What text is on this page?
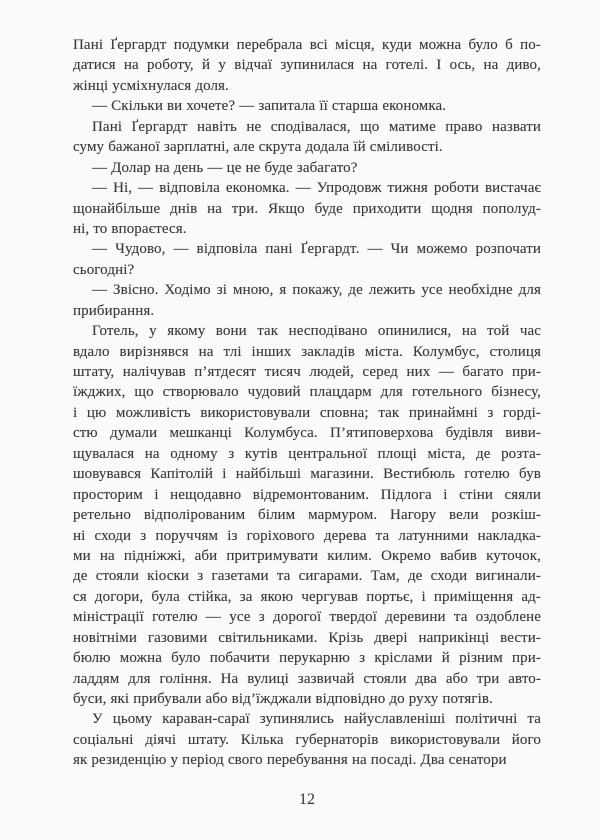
Пані Ґергардт подумки перебрала всі місця, куди можна було б по-
датися на роботу, й у відчаї зупинилася на готелі. І ось, на диво,
жінці усміхнулася доля.
— Скільки ви хочете? — запитала її старша економка.
Пані Ґергардт навіть не сподівалася, що матиме право назвати
суму бажаної зарплатні, але скрута додала їй сміливості.
— Долар на день — це не буде забагато?
— Ні, — відповіла економка. — Упродовж тижня роботи вистачає
щонайбільше днів на три. Якщо буде приходити щодня пополуд-
ні, то впораєтеся.
— Чудово, — відповіла пані Ґергардт. — Чи можемо розпочати
сьогодні?
— Звісно. Ходімо зі мною, я покажу, де лежить усе необхідне для
прибирання.
Готель, у якому вони так несподівано опинилися, на той час
вдало вирізнявся на тлі інших закладів міста. Колумбус, столиця
штату, налічував п’ятдесят тисяч людей, серед них — багато при-
їжджих, що створювало чудовий плацдарм для готельного бізнесу,
і цю можливість використовували сповна; так принаймні з горді-
стю думали мешканці Колумбуса. П’ятиповерхова будівля виви-
щувалася на одному з кутів центральної площі міста, де розта-
шовувався Капітолій і найбільші магазини. Вестибюль готелю був
просторим і нещодавно відремонтованим. Підлога і стіни сяяли
ретельно відполірованим білим мармуром. Нагору вели розкіш-
ні сходи з поруччям із горіхового дерева та латунними накладка-
ми на підніжжі, аби притримувати килим. Окремо вабив куточок,
де стояли кіоски з газетами та сигарами. Там, де сходи вигинали-
ся догори, була стійка, за якою чергував портьє, і приміщення ад-
міністрації готелю — усе з дорогої твердої деревини та оздоблене
новітніми газовими світильниками. Крізь двері наприкінці вести-
бюлю можна було побачити перукарню з кріслами й різним при-
ладдям для гоління. На вулиці зазвичай стояли два або три авто-
буси, які прибували або від’їжджали відповідно до руху потягів.
У цьому караван-сараї зупинялись найуславленіші політичні та
соціальні діячі штату. Кілька губернаторів використовували його
як резиденцію у період свого перебування на посаді. Два сенатори
12
